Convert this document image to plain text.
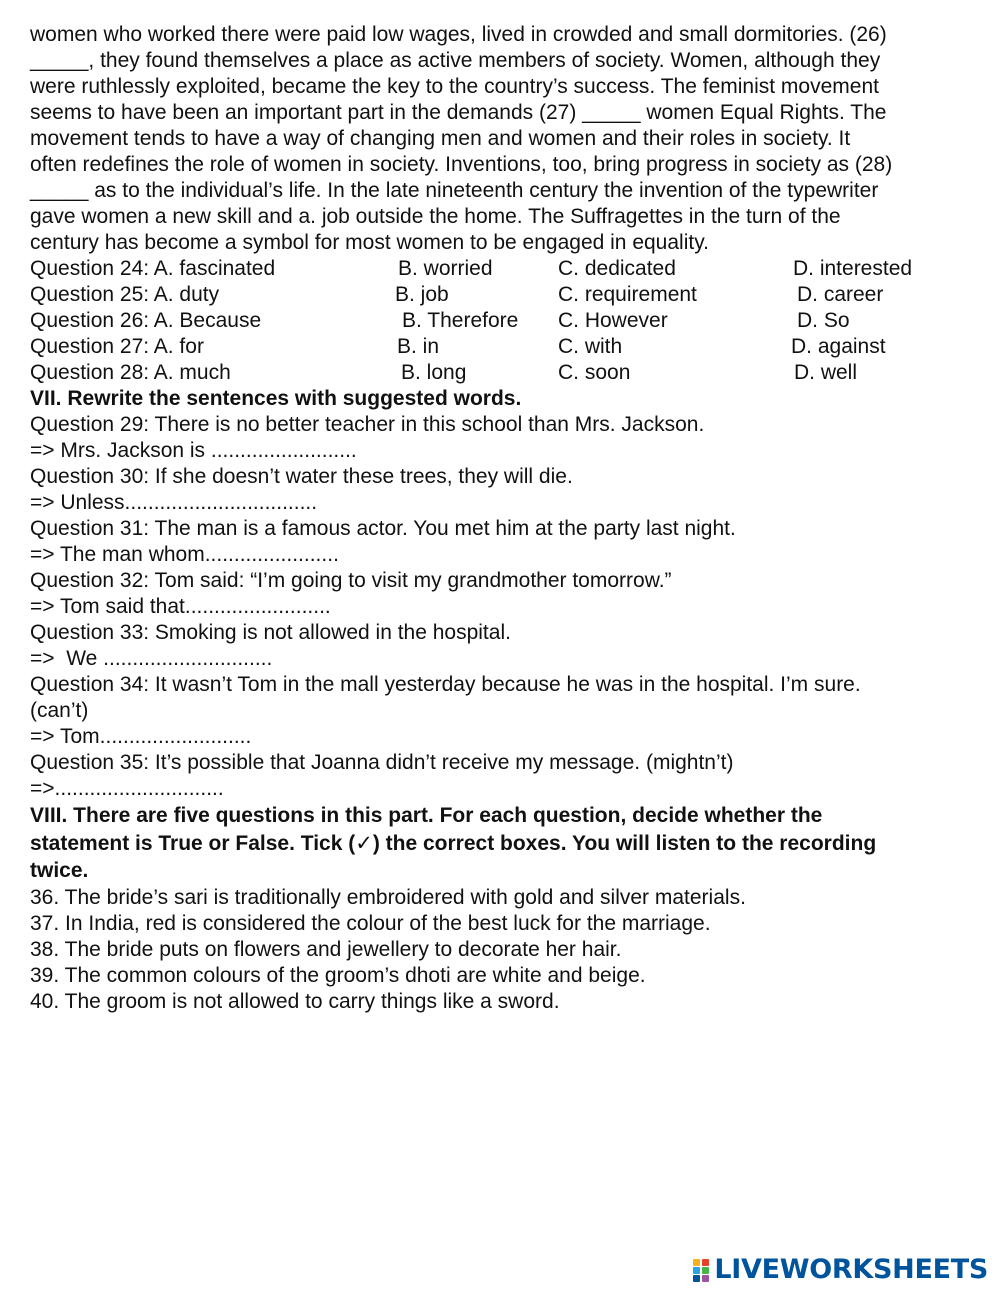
women who worked there were paid low wages, lived in crowded and small dormitories. (26)
_____, they found themselves a place as active members of society. Women, although they
were ruthlessly exploited, became the key to the country’s success. The feminist movement
seems to have been an important part in the demands (27) _____ women Equal Rights. The
movement tends to have a way of changing men and women and their roles in society. It
often redefines the role of women in society. Inventions, too, bring progress in society as (28)
_____ as to the individual’s life. In the late nineteenth century the invention of the typewriter
gave women a new skill and a. job outside the home. The Suffragettes in the turn of the
century has become a symbol for most women to be engaged in equality.
Question 24: A. fascinated	B. worried	C. dedicated	D. interested
Question 25: A. duty	B. job	C. requirement	D. career
Question 26: A. Because	B. Therefore C. However	D. So
Question 27: A. for	B. in	C. with	D. against
Question 28: A. much	B. long	C. soon	D. well
VII. Rewrite the sentences with suggested words.
Question 29: There is no better teacher in this school than Mrs. Jackson.
=> Mrs. Jackson is .........................
Question 30: If she doesn’t water these trees, they will die.
=> Unless.................................
Question 31: The man is a famous actor. You met him at the party last night.
=> The man whom.......................
Question 32: Tom said: “I’m going to visit my grandmother tomorrow.”
=> Tom said that.........................
Question 33: Smoking is not allowed in the hospital.
=>  We .............................
Question 34: It wasn’t Tom in the mall yesterday because he was in the hospital. I’m sure.
(can’t)
=> Tom..........................
Question 35: It’s possible that Joanna didn’t receive my message. (mightn’t)
=>.............................
VIII. There are five questions in this part. For each question, decide whether the
statement is True or False. Tick (✓) the correct boxes. You will listen to the recording
twice.
36. The bride’s sari is traditionally embroidered with gold and silver materials.
37. In India, red is considered the colour of the best luck for the marriage.
38. The bride puts on flowers and jewellery to decorate her hair.
39. The common colours of the groom’s dhoti are white and beige.
40. The groom is not allowed to carry things like a sword.
LIVEWORKSHEETS
